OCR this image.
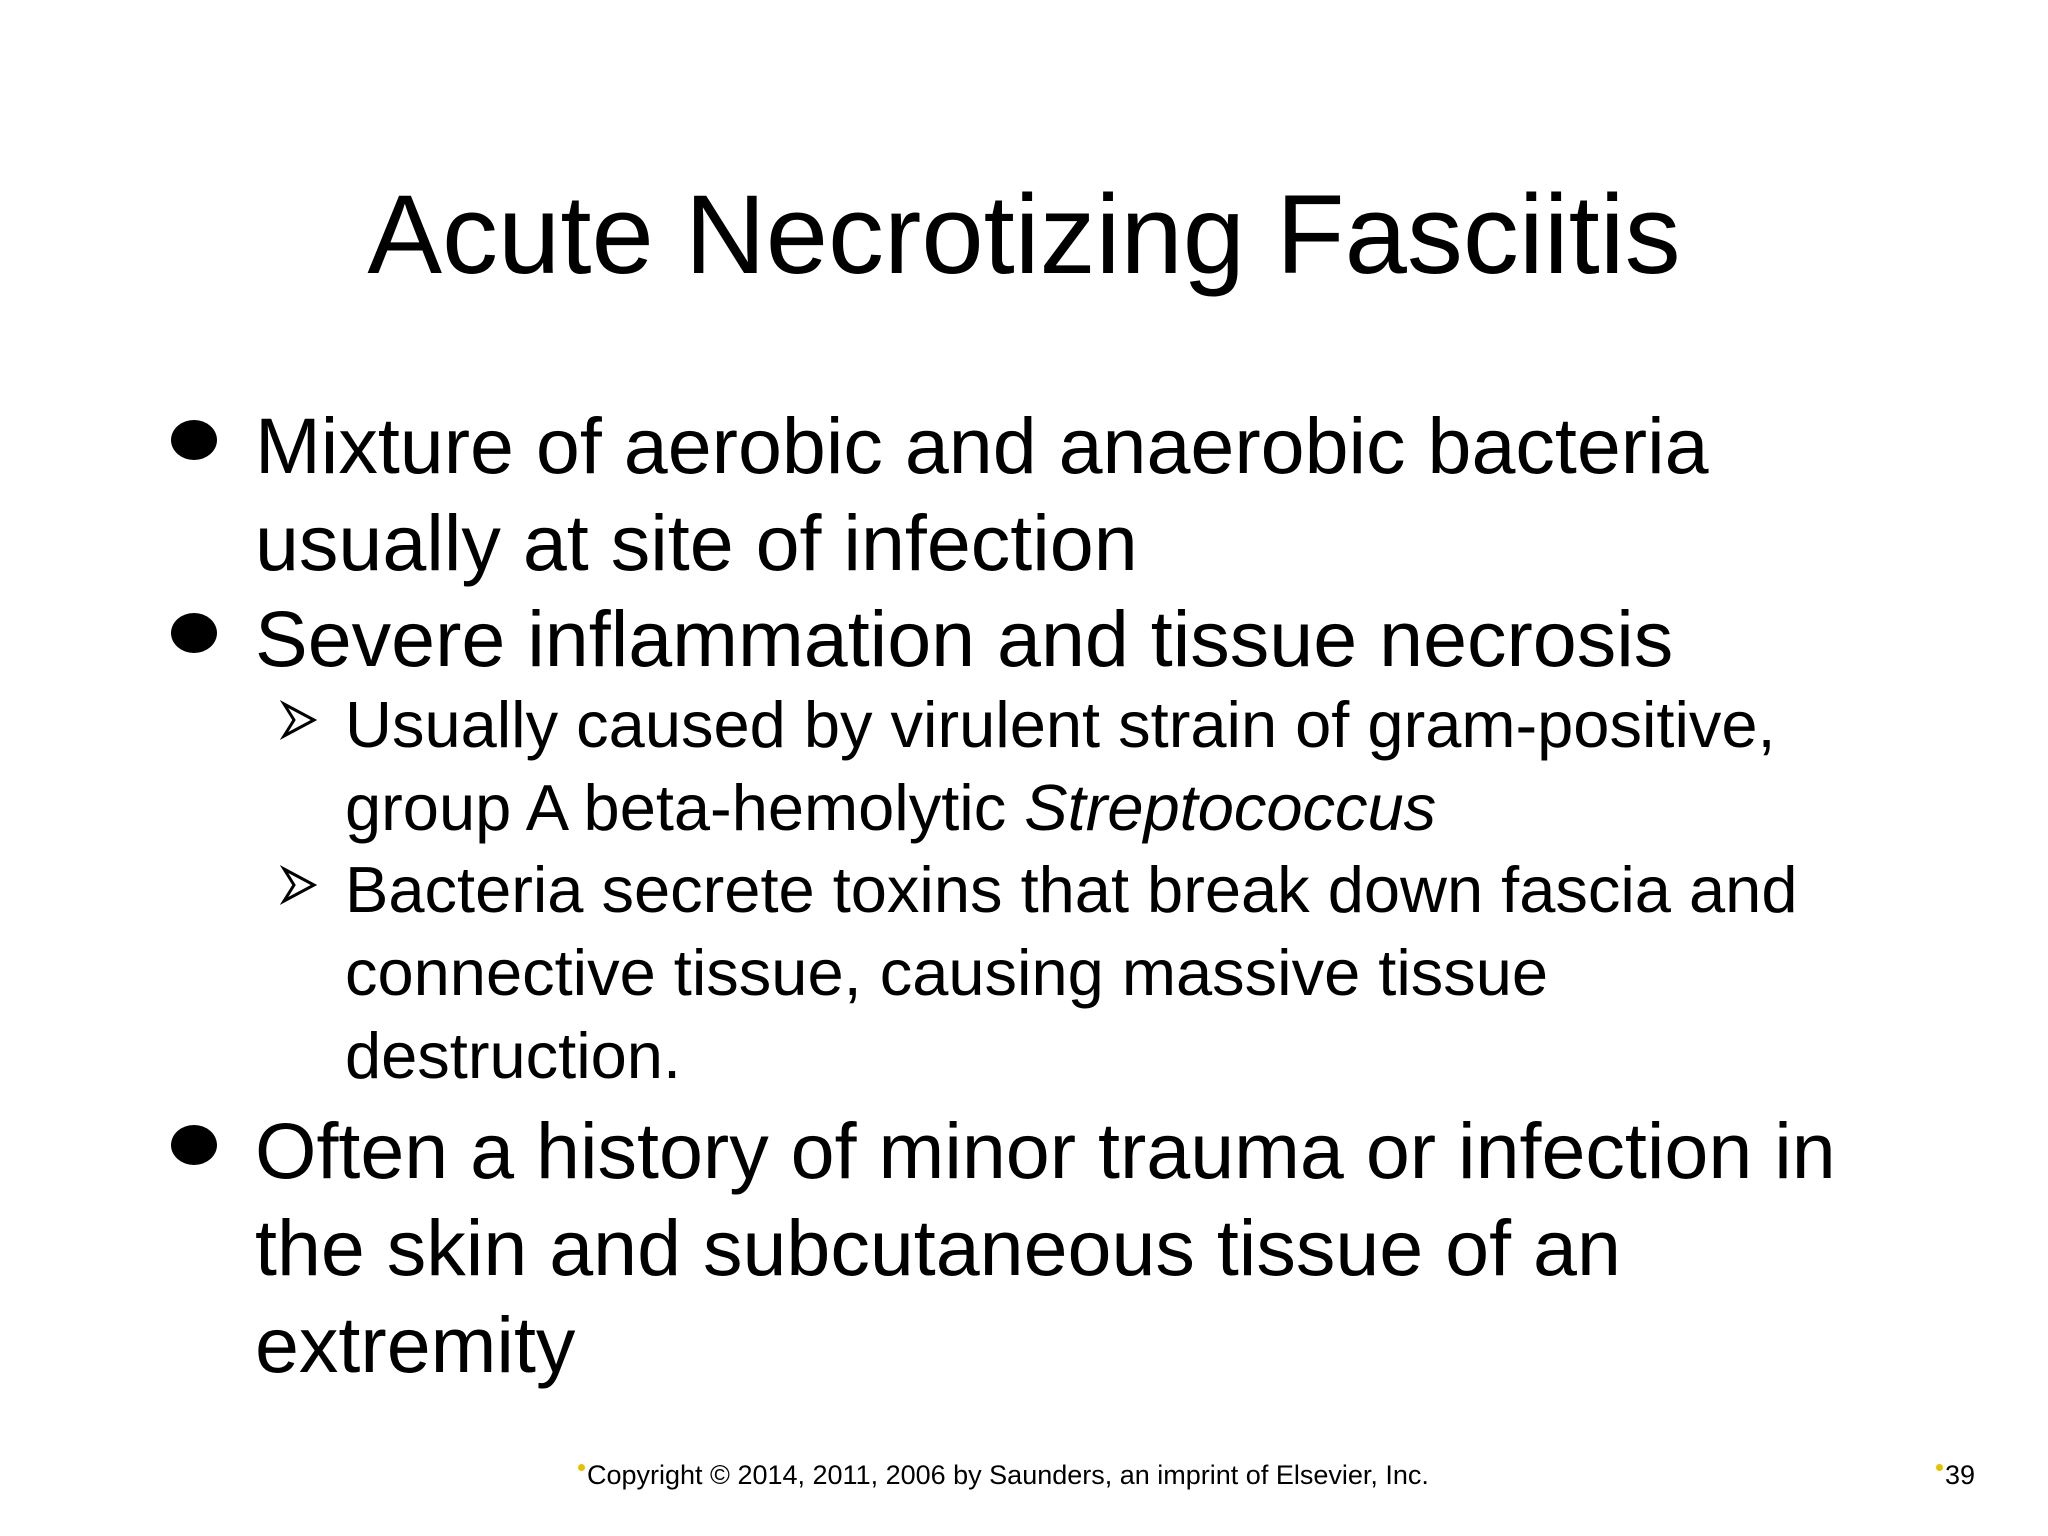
Acute Necrotizing Fasciitis
Mixture of aerobic and anaerobic bacteria
usually at site of infection
Severe inflammation and tissue necrosis
Usually caused by virulent strain of gram-positive,
group A beta-hemolytic Streptococcus
Bacteria secrete toxins that break down fascia and
connective tissue, causing massive tissue
destruction.
Often a history of minor trauma or infection in
the skin and subcutaneous tissue of an
extremity
Copyright © 2014, 2011, 2006 by Saunders, an imprint of Elsevier, Inc.	39
